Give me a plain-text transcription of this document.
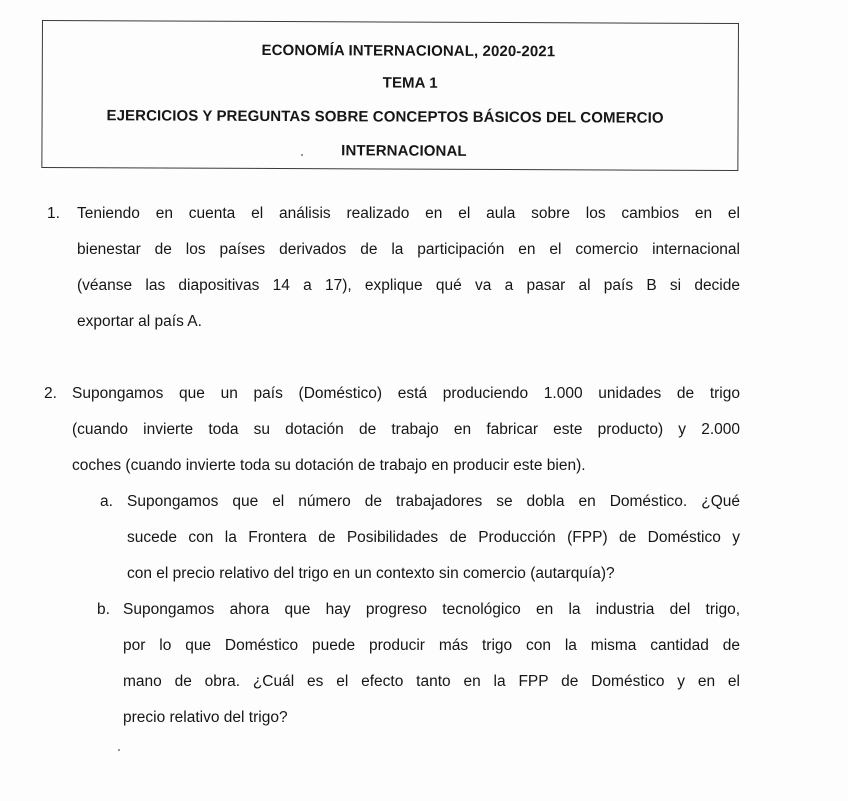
ECONOMÍA INTERNACIONAL, 2020-2021
TEMA 1
EJERCICIOS Y PREGUNTAS SOBRE CONCEPTOS BÁSICOS DEL COMERCIO
INTERNACIONAL
1. Teniendo en cuenta el análisis realizado en el aula sobre los cambios en el
bienestar de los países derivados de la participación en el comercio internacional
(véanse las diapositivas 14 a 17), explique qué va a pasar al país B si decide
exportar al país A.
2. Supongamos que un país (Doméstico) está produciendo 1.000 unidades de trigo
(cuando invierte toda su dotación de trabajo en fabricar este producto) y 2.000
coches (cuando invierte toda su dotación de trabajo en producir este bien).
a. Supongamos que el número de trabajadores se dobla en Doméstico. ¿Qué
sucede con la Frontera de Posibilidades de Producción (FPP) de Doméstico y
con el precio relativo del trigo en un contexto sin comercio (autarquía)?
b. Supongamos ahora que hay progreso tecnológico en la industria del trigo,
por lo que Doméstico puede producir más trigo con la misma cantidad de
mano de obra. ¿Cuál es el efecto tanto en la FPP de Doméstico y en el
precio relativo del trigo?
